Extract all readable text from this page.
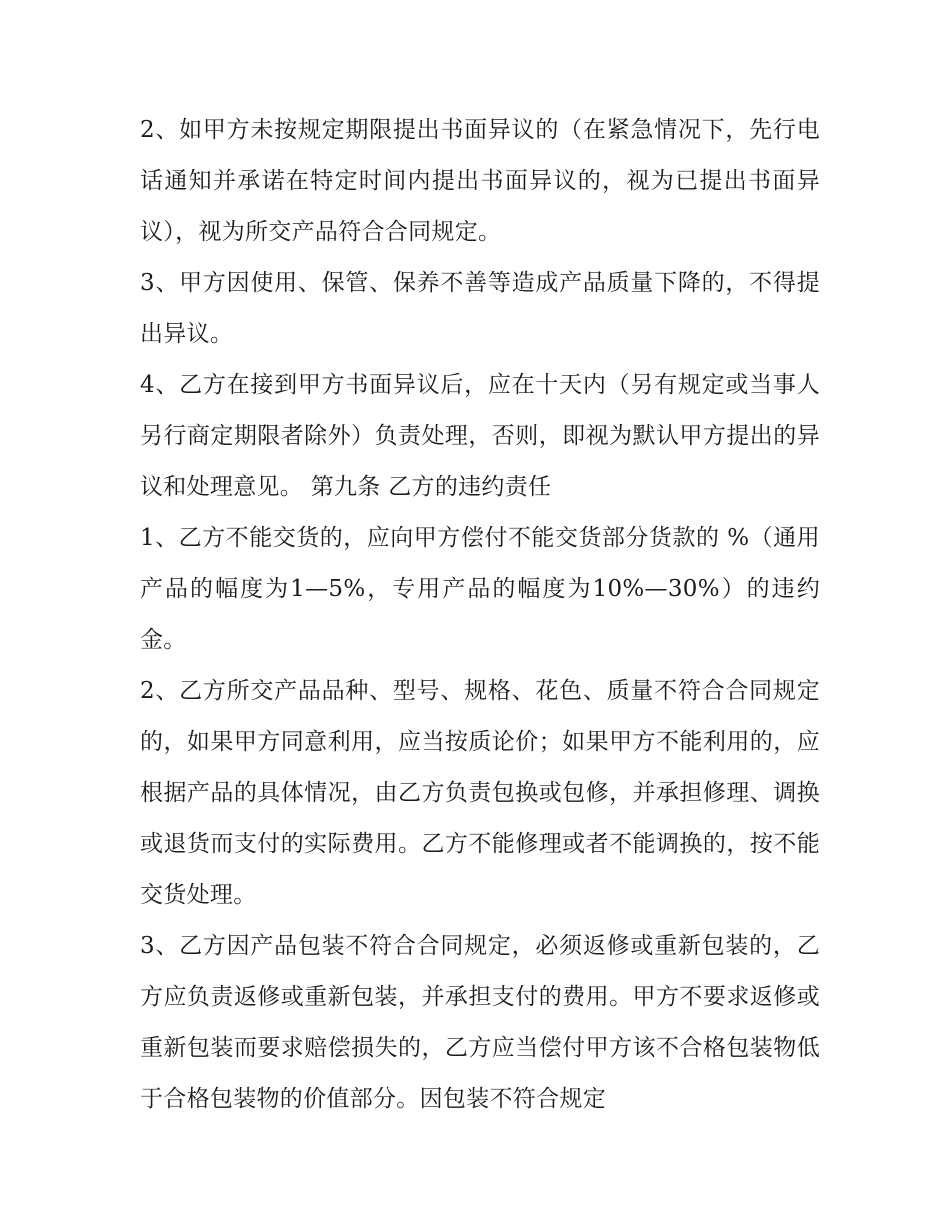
2、如甲方未按规定期限提出书面异议的（在紧急情况下，先行电话通知并承诺在特定时间内提出书面异议的，视为已提出书面异议），视为所交产品符合合同规定。

3、甲方因使用、保管、保养不善等造成产品质量下降的，不得提出异议。

4、乙方在接到甲方书面异议后，应在十天内（另有规定或当事人另行商定期限者除外）负责处理，否则，即视为默认甲方提出的异议和处理意见。 第九条 乙方的违约责任

1、乙方不能交货的，应向甲方偿付不能交货部分货款的 %（通用产品的幅度为1—5%，专用产品的幅度为10%—30%）的违约金。

2、乙方所交产品品种、型号、规格、花色、质量不符合合同规定的，如果甲方同意利用，应当按质论价；如果甲方不能利用的，应根据产品的具体情况，由乙方负责包换或包修，并承担修理、调换或退货而支付的实际费用。乙方不能修理或者不能调换的，按不能交货处理。

3、乙方因产品包装不符合合同规定，必须返修或重新包装的，乙方应负责返修或重新包装，并承担支付的费用。甲方不要求返修或重新包装而要求赔偿损失的，乙方应当偿付甲方该不合格包装物低于合格包装物的价值部分。因包装不符合规定
